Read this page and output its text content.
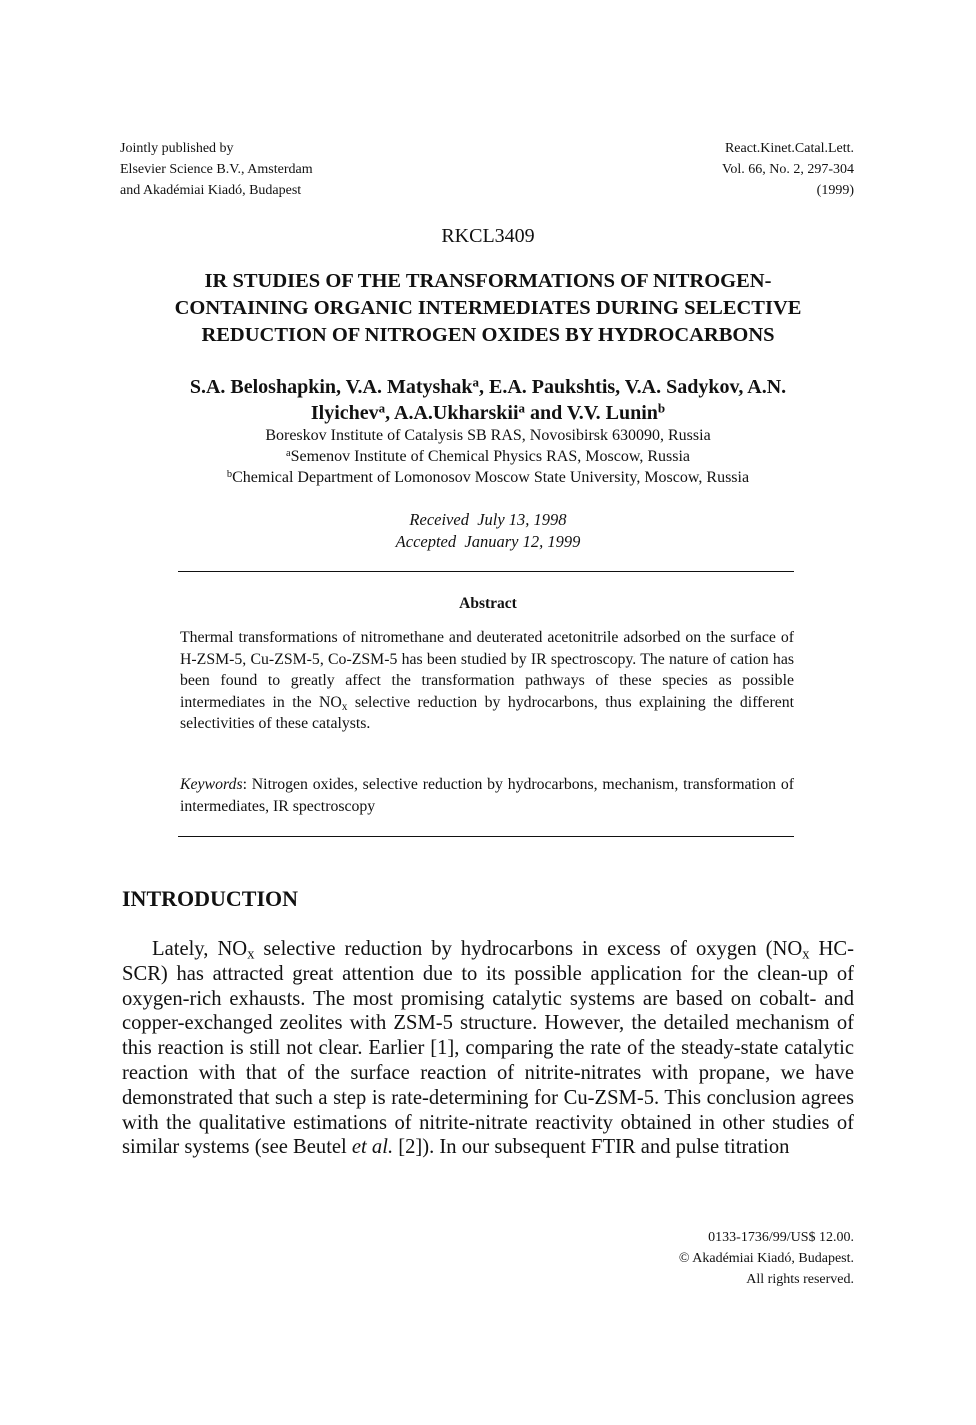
Jointly published by
Elsevier Science B.V., Amsterdam
and Akadémiai Kiadó, Budapest
React.Kinet.Catal.Lett.
Vol. 66, No. 2, 297-304
(1999)
RKCL3409
IR STUDIES OF THE TRANSFORMATIONS OF NITROGEN-
CONTAINING ORGANIC INTERMEDIATES DURING SELECTIVE
REDUCTION OF NITROGEN OXIDES BY HYDROCARBONS
S.A. Beloshapkin, V.A. Matyshak$^a$, E.A. Paukshtis, V.A. Sadykov, A.N.
Ilyichev$^a$, A.A.Ukharskii$^a$ and V.V. Lunin$^b$
Boreskov Institute of Catalysis SB RAS, Novosibirsk 630090, Russia
$^a$Semenov Institute of Chemical Physics RAS, Moscow, Russia
$^b$Chemical Department of Lomonosov Moscow State University, Moscow, Russia
Received  July 13, 1998
Accepted  January 12, 1999
Abstract
Thermal transformations of nitromethane and deuterated acetonitrile adsorbed on the surface of H-ZSM-5, Cu-ZSM-5, Co-ZSM-5 has been studied by IR spectroscopy. The nature of cation has been found to greatly affect the transformation pathways of these species as possible intermediates in the $NO_x$ selective reduction by hydrocarbons, thus explaining the different selectivities of these catalysts.
Keywords: Nitrogen oxides, selective reduction by hydrocarbons, mechanism, transformation of intermediates, IR spectroscopy
INTRODUCTION

Lately, $NO_x$ selective reduction by hydrocarbons in excess of oxygen ($NO_x$ HC-SCR) has attracted great attention due to its possible application for the clean-up of oxygen-rich exhausts. The most promising catalytic systems are based on cobalt- and copper-exchanged zeolites with ZSM-5 structure. However, the detailed mechanism of this reaction is still not clear. Earlier [1], comparing the rate of the steady-state catalytic reaction with that of the surface reaction of nitrite-nitrates with propane, we have demonstrated that such a step is rate-determining for Cu-ZSM-5. This conclusion agrees with the qualitative estimations of nitrite-nitrate reactivity obtained in other studies of similar systems (see Beutel et al. [2]). In our subsequent FTIR and pulse titration

0133-1736/99/US$ 12.00.
© Akadémiai Kiadó, Budapest.
All rights reserved.
